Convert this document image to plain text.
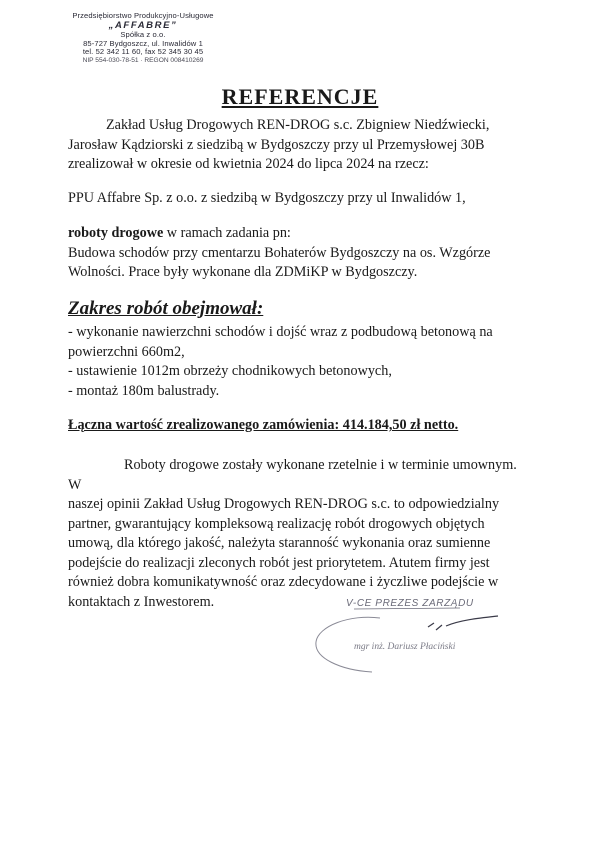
Przedsiębiorstwo Produkcyjno-Usługowe
„AFFABRE”
Spółka z o.o.
85-727 Bydgoszcz, ul. Inwalidów 1
tel. 52 342 11 60, fax 52 345 30 45
NIP 554-030-78-51 · REGON 008410269
REFERENCJE
Zakład Usług Drogowych REN-DROG s.c. Zbigniew Niedźwiecki,
Jarosław Kądziorski z siedzibą w Bydgoszczy przy ul Przemysłowej 30B
zrealizował w okresie od kwietnia 2024 do lipca 2024 na rzecz:
PPU Affabre Sp. z o.o. z siedzibą w Bydgoszczy przy ul Inwalidów 1,
roboty drogowe w ramach zadania pn:
Budowa schodów przy cmentarzu Bohaterów Bydgoszczy na os. Wzgórze
Wolności. Prace były wykonane dla ZDMiKP w Bydgoszczy.
Zakres robót obejmował:
- wykonanie nawierzchni schodów i dojść wraz z podbudową betonową na
powierzchni 660m2,
- ustawienie 1012m obrzeży chodnikowych betonowych,
- montaż 180m balustrady.
Łączna wartość zrealizowanego zamówienia: 414.184,50 zł netto.
Roboty drogowe zostały wykonane rzetelnie i w terminie umownym. W
naszej opinii Zakład Usług Drogowych REN-DROG s.c. to odpowiedzialny
partner, gwarantujący kompleksową realizację robót drogowych objętych
umową, dla którego jakość, należyta staranność wykonania oraz sumienne
podejście do realizacji zleconych robót jest priorytetem. Atutem firmy jest
również dobra komunikatywność oraz zdecydowane i życzliwe podejście w
kontaktach z Inwestorem.	V-CE PREZES ZARZĄDU
mgr inż. Dariusz Płaciński
